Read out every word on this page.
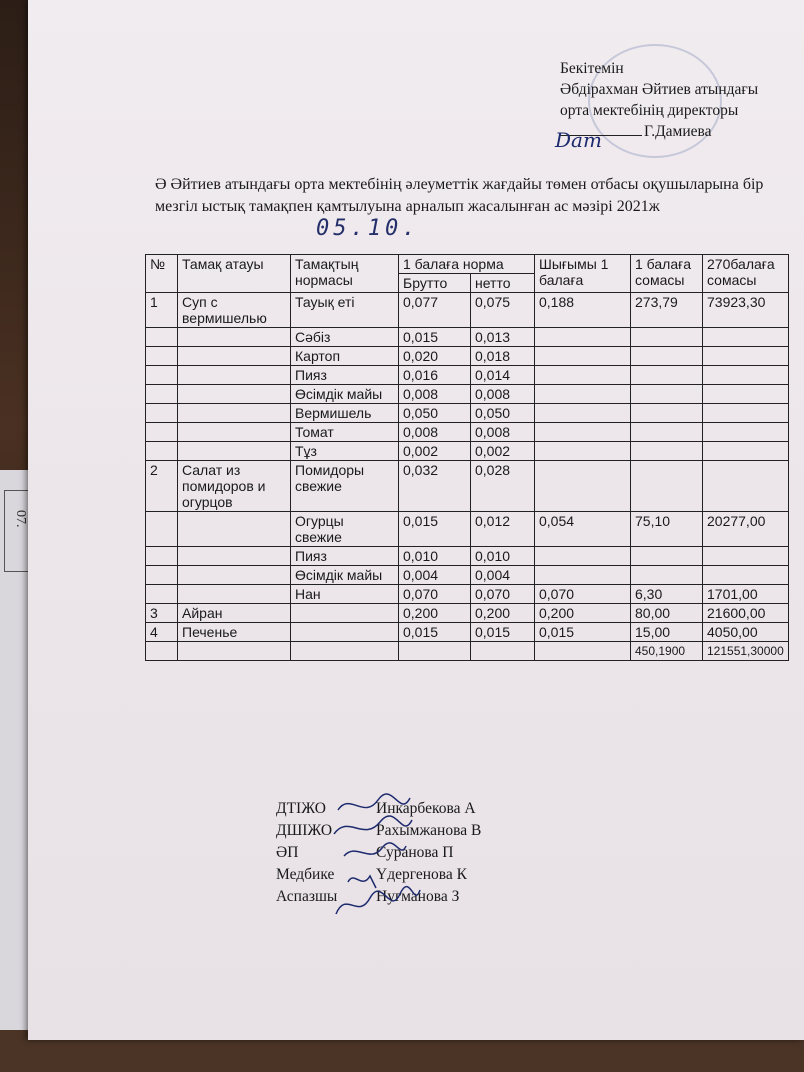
07.
Бекітемін
Әбдірахман Әйтиев атындағы
орта мектебінің директоры
Г.Дамиева
Dam
Ә Әйтиев атындағы орта мектебінің әлеуметтік жағдайы төмен отбасы оқушыларына бір мезгіл ыстық тамақпен қамтылуына арналып жасалынған ас мәзірі 2021ж
05.10.
№	Тамақ атауы	Тамақтың нормасы	1 балаға норма		Шығымы 1 балаға	1 балаға сомасы	270балаға сомасы
			Брутто	нетто			
1	Суп с вермишелью	Тауық еті	0,077	0,075	0,188	273,79	73923,30
		Сәбіз	0,015	0,013			
		Картоп	0,020	0,018			
		Пияз	0,016	0,014			
		Өсімдік майы	0,008	0,008			
		Вермишель	0,050	0,050			
		Томат	0,008	0,008			
		Тұз	0,002	0,002			
2	Салат из помидоров и огурцов	Помидоры свежие	0,032	0,028			
		Огурцы свежие	0,015	0,012	0,054	75,10	20277,00
		Пияз	0,010	0,010			
		Өсімдік майы	0,004	0,004			
		Нан	0,070	0,070	0,070	6,30	1701,00
3	Айран		0,200	0,200	0,200	80,00	21600,00
4	Печенье		0,015	0,015	0,015	15,00	4050,00
						450,1900	121551,30000
ДТІЖО	Инкарбекова А
ДШІЖО	Рахымжанова В
ӘП	Суранова П
Медбике	Үдергенова К
Аспазшы	Нугманова З
